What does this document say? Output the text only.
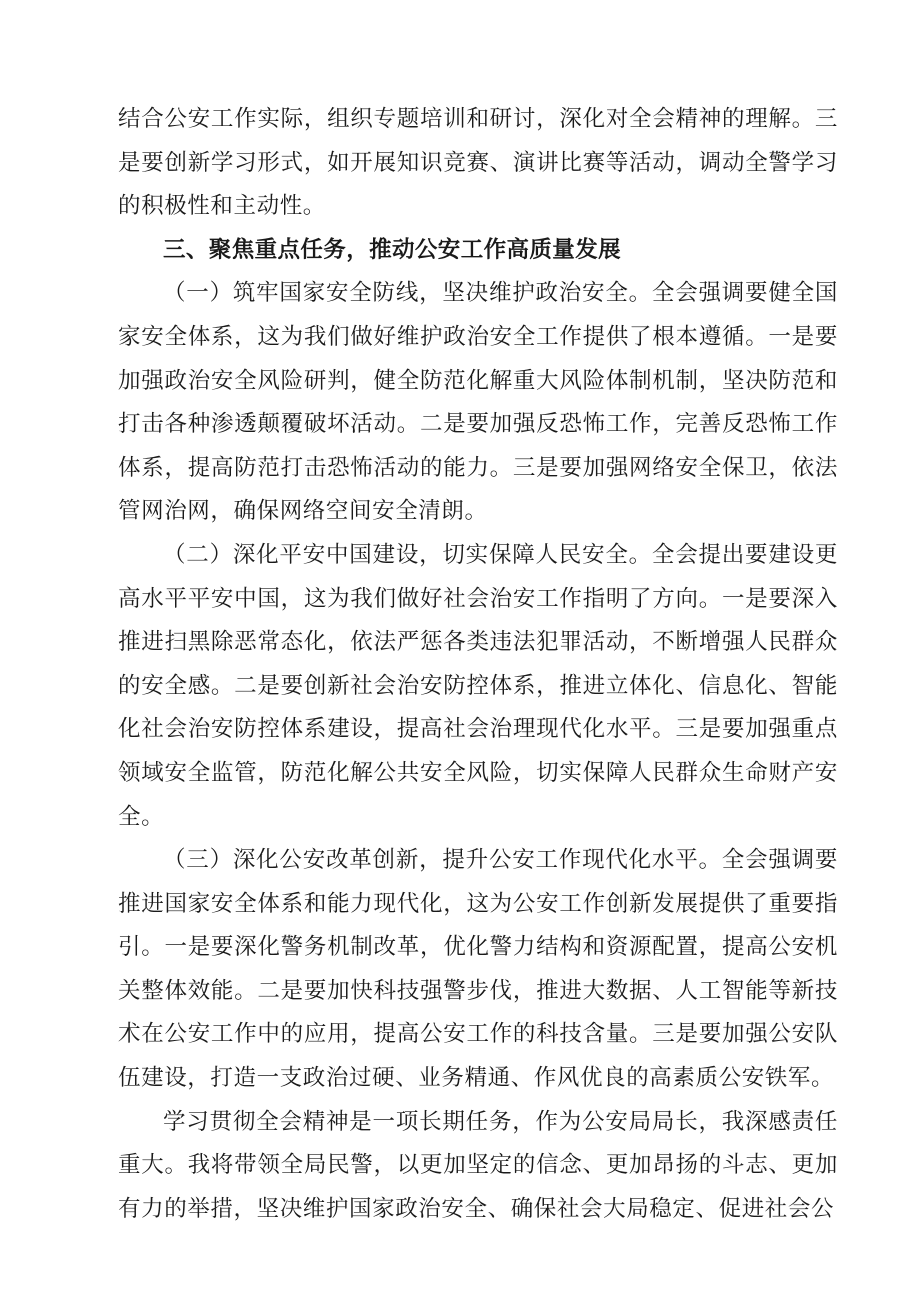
结合公安工作实际，组织专题培训和研讨，深化对全会精神的理解。三是要创新学习形式，如开展知识竞赛、演讲比赛等活动，调动全警学习的积极性和主动性。

三、聚焦重点任务，推动公安工作高质量发展

（一）筑牢国家安全防线，坚决维护政治安全。全会强调要健全国家安全体系，这为我们做好维护政治安全工作提供了根本遵循。一是要加强政治安全风险研判，健全防范化解重大风险体制机制，坚决防范和打击各种渗透颠覆破坏活动。二是要加强反恐怖工作，完善反恐怖工作体系，提高防范打击恐怖活动的能力。三是要加强网络安全保卫，依法管网治网，确保网络空间安全清朗。

（二）深化平安中国建设，切实保障人民安全。全会提出要建设更高水平平安中国，这为我们做好社会治安工作指明了方向。一是要深入推进扫黑除恶常态化，依法严惩各类违法犯罪活动，不断增强人民群众的安全感。二是要创新社会治安防控体系，推进立体化、信息化、智能化社会治安防控体系建设，提高社会治理现代化水平。三是要加强重点领域安全监管，防范化解公共安全风险，切实保障人民群众生命财产安全。

（三）深化公安改革创新，提升公安工作现代化水平。全会强调要推进国家安全体系和能力现代化，这为公安工作创新发展提供了重要指引。一是要深化警务机制改革，优化警力结构和资源配置，提高公安机关整体效能。二是要加快科技强警步伐，推进大数据、人工智能等新技术在公安工作中的应用，提高公安工作的科技含量。三是要加强公安队伍建设，打造一支政治过硬、业务精通、作风优良的高素质公安铁军。

学习贯彻全会精神是一项长期任务，作为公安局局长，我深感责任重大。我将带领全局民警，以更加坚定的信念、更加昂扬的斗志、更加有力的举措，坚决维护国家政治安全、确保社会大局稳定、促进社会公
